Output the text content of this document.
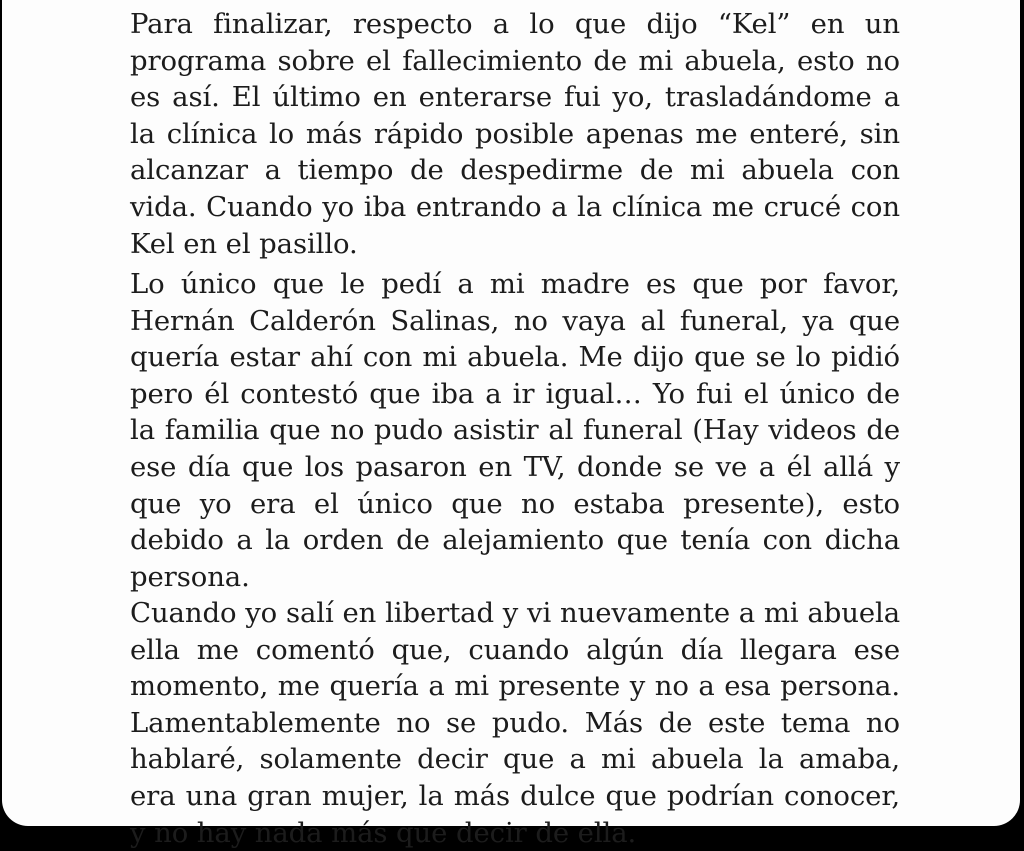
Para finalizar, respecto a lo que dijo “Kel” en un programa sobre el fallecimiento de mi abuela, esto no es así. El último en enterarse fui yo, trasladándome a la clínica lo más rápido posible apenas me enteré, sin alcanzar a tiempo de despedirme de mi abuela con vida. Cuando yo iba entrando a la clínica me crucé con Kel en el pasillo.

Lo único que le pedí a mi madre es que por favor, Hernán Calderón Salinas, no vaya al funeral, ya que quería estar ahí con mi abuela. Me dijo que se lo pidió pero él contestó que iba a ir igual… Yo fui el único de la familia que no pudo asistir al funeral (Hay videos de ese día que los pasaron en TV, donde se ve a él allá y que yo era el único que no estaba presente), esto debido a la orden de alejamiento que tenía con dicha persona.

Cuando yo salí en libertad y vi nuevamente a mi abuela ella me comentó que, cuando algún día llegara ese momento, me quería a mi presente y no a esa persona. Lamentablemente no se pudo. Más de este tema no hablaré, solamente decir que a mi abuela la amaba, era una gran mujer, la más dulce que podrían conocer, y no hay nada más que decir de ella.
